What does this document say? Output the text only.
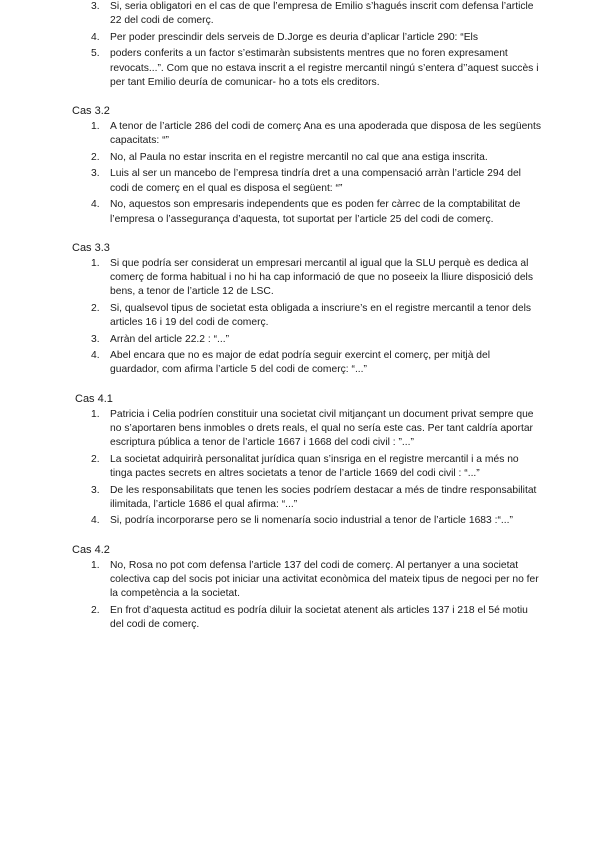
3. Si, seria obligatori en el cas de que l’empresa de Emilio s’hagués inscrit com defensa l’article 22 del codi de comerç.
4. Per poder prescindir dels serveis de D.Jorge es deuria d’aplicar l’article 290: “Els
5. poders conferits a un factor s’estimaràn subsistents mentres que no foren expresament revocats...”. Com que no estava inscrit a el registre mercantil ningú s’entera d’’aquest succès i per tant Emilio deuría de comunicar- ho a tots els creditors.
Cas 3.2
1. A tenor de l’article 286 del codi de comerç Ana es una apoderada que disposa de les següents capacitats: “”
2. No, al Paula no estar inscrita en el registre mercantil no cal que ana estiga inscrita.
3. Luis al ser un mancebo de l’empresa tindría dret a una compensació arràn l’article 294 del codi de comerç en el qual es disposa el següent: “”
4. No, aquestos son empresaris independents que es poden fer càrrec de la comptabilitat de l’empresa o l’assegurança d’aquesta, tot suportat per l’article 25 del codi de comerç.
Cas 3.3
1. Si que podría ser considerat un empresari mercantil al igual que la SLU perquè es dedica al comerç de forma habitual i no hi ha cap informació de que no poseeix la lliure disposició dels bens, a tenor de l’article 12 de LSC.
2. Si, qualsevol tipus de societat esta obligada a inscriure’s en el registre mercantil a tenor dels articles 16 i 19 del codi de comerç.
3. Arràn del article 22.2 : “...”
4. Abel encara que no es major de edat podría seguir exercint el comerç, per mitjà del guardador, com afirma l’article 5 del codi de comerç: “...”
Cas 4.1
1. Patricia i Celia podríen constituir una societat civil mitjançant un document privat sempre que no s’aportaren bens inmobles o drets reals, el qual no sería este cas. Per tant caldría aportar escriptura pública a tenor de l’article 1667 i 1668 del codi civil : ”...”
2. La societat adquirirà personalitat jurídica quan s’insriga en el registre mercantil i a més no tinga pactes secrets en altres societats a tenor de l’article 1669 del codi civil : “...”
3. De les responsabilitats que tenen les socies podríem destacar a més de tindre responsabilitat ilimitada, l’article 1686 el qual afirma: “...”
4. Si, podría incorporarse pero se li nomenaría socio industrial a tenor de l’article 1683 :“...”
Cas 4.2
1. No, Rosa no pot com defensa l’article 137 del codi de comerç. Al pertanyer a una societat colectiva cap del socis pot iniciar una activitat econòmica del mateix tipus de negoci per no fer la competència a la societat.
2. En frot d’aquesta actitud es podría diluir la societat atenent als articles 137 i 218 el 5é motiu del codi de comerç.
